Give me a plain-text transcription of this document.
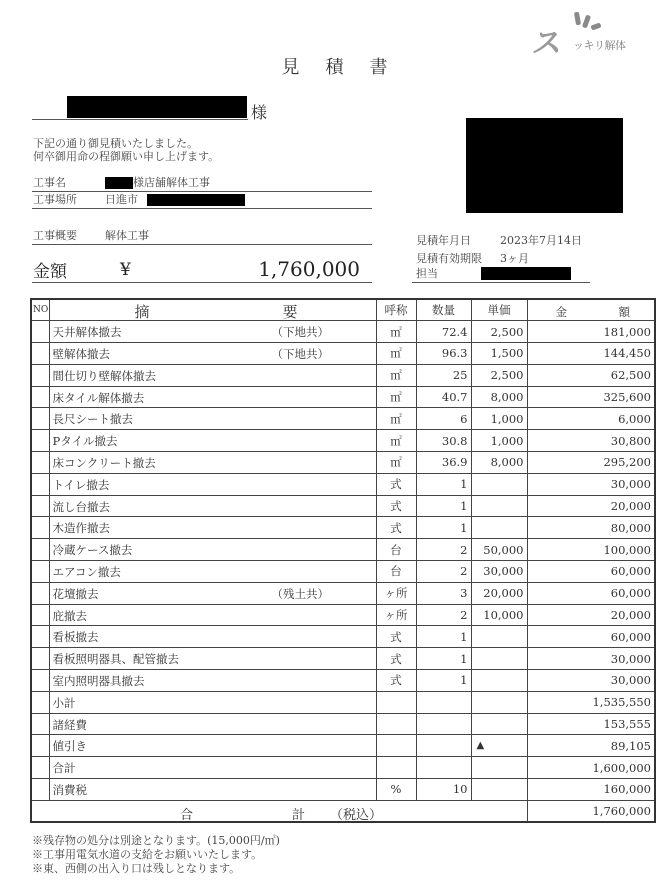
ス ッキリ解体
見積書
様
下記の通り御見積いたしました。
何卒御用命の程御願い申し上げます。
工事名	様店舗解体工事
工事場所	日進市
工事概要	解体工事
金額	¥	1,760,000
見積年月日	2023年7月14日
見積有効期限 3ヶ月
担当
NO	摘 要	呼称	数量	単価	金 額

	天井解体撤去 （下地共）	㎡	72.4	2,500	181,000

	壁解体撤去 （下地共）	㎡	96.3	1,500	144,450

	間仕切り壁解体撤去	㎡	25	2,500	62,500

	床タイル解体撤去	㎡	40.7	8,000	325,600

	長尺シート撤去	㎡	6	1,000	6,000

	Pタイル撤去	㎡	30.8	1,000	30,800

	床コンクリート撤去	㎡	36.9	8,000	295,200

	トイレ撤去	式	1		30,000

	流し台撤去	式	1		20,000

	木造作撤去	式	1		80,000

	冷蔵ケース撤去	台	2	50,000	100,000

	エアコン撤去	台	2	30,000	60,000

	花壇撤去 （残土共）	ヶ所	3	20,000	60,000

	庇撤去	ヶ所	2	10,000	20,000

	看板撤去	式	1		60,000

	看板照明器具、配管撤去	式	1		30,000

	室内照明器具撤去	式	1		30,000

	小計				1,535,550

	諸経費				153,555

	値引き			▲	89,105

	合計				1,600,000

	消費税	%	10		160,000

合 計 （税込）					1,760,000
※残存物の処分は別途となります。(15,000円/㎡)
※工事用電気水道の支給をお願いいたします。
※東、西側の出入り口は残しとなります。
